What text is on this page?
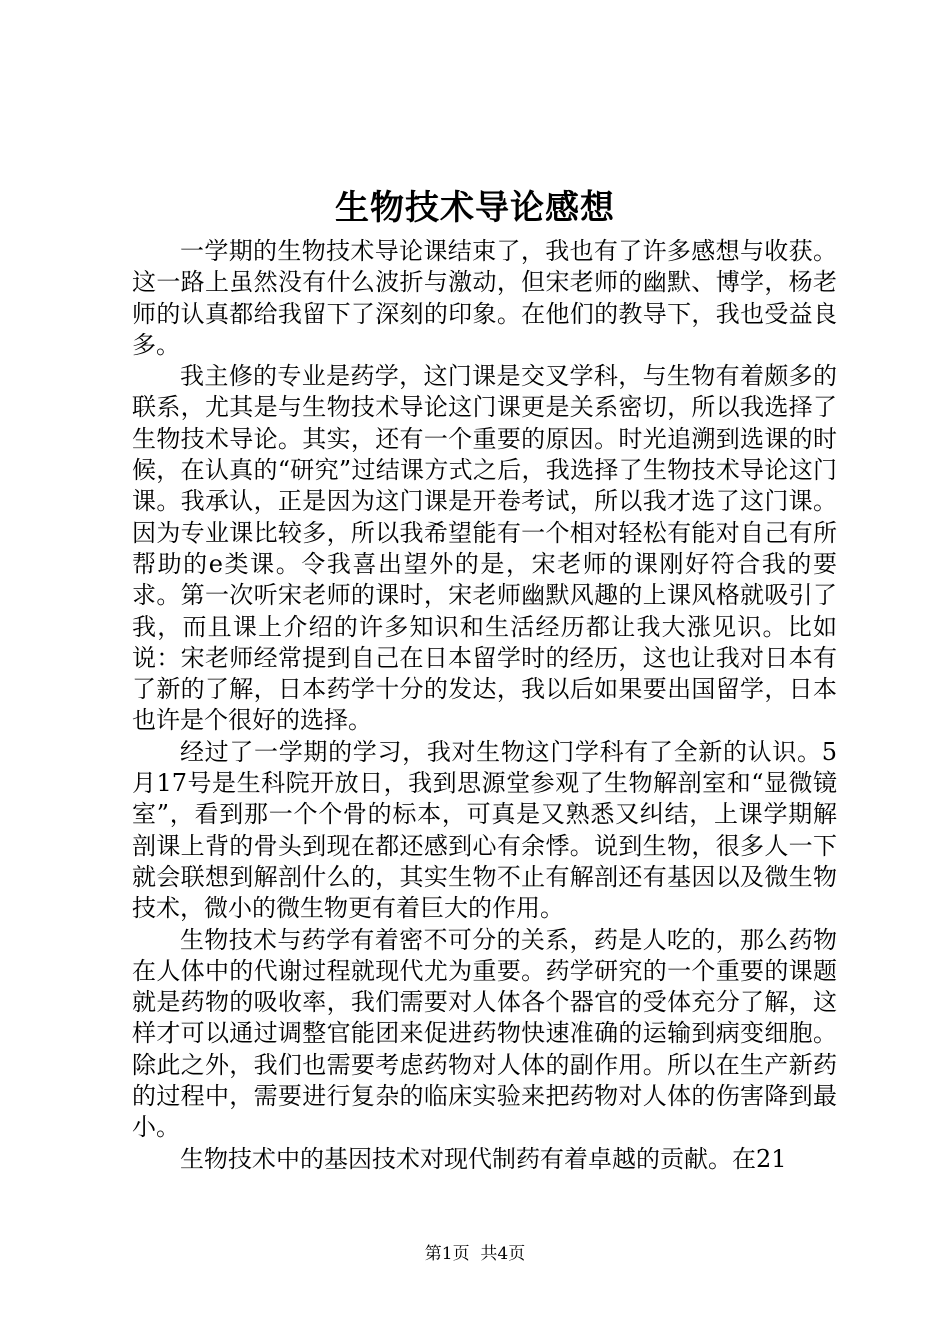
生物技术导论感想

一学期的生物技术导论课结束了，我也有了许多感想与收获。这一路上虽然没有什么波折与激动，但宋老师的幽默、博学，杨老师的认真都给我留下了深刻的印象。在他们的教导下，我也受益良多。

我主修的专业是药学，这门课是交叉学科，与生物有着颇多的联系，尤其是与生物技术导论这门课更是关系密切，所以我选择了生物技术导论。其实，还有一个重要的原因。时光追溯到选课的时候，在认真的“研究”过结课方式之后，我选择了生物技术导论这门课。我承认，正是因为这门课是开卷考试，所以我才选了这门课。因为专业课比较多，所以我希望能有一个相对轻松有能对自己有所帮助的e类课。令我喜出望外的是，宋老师的课刚好符合我的要求。第一次听宋老师的课时，宋老师幽默风趣的上课风格就吸引了我，而且课上介绍的许多知识和生活经历都让我大涨见识。比如说：宋老师经常提到自己在日本留学时的经历，这也让我对日本有了新的了解，日本药学十分的发达，我以后如果要出国留学，日本也许是个很好的选择。

经过了一学期的学习，我对生物这门学科有了全新的认识。5月17号是生科院开放日，我到思源堂参观了生物解剖室和“显微镜室”，看到那一个个骨的标本，可真是又熟悉又纠结，上课学期解剖课上背的骨头到现在都还感到心有余悸。说到生物，很多人一下就会联想到解剖什么的，其实生物不止有解剖还有基因以及微生物技术，微小的微生物更有着巨大的作用。

生物技术与药学有着密不可分的关系，药是人吃的，那么药物在人体中的代谢过程就现代尤为重要。药学研究的一个重要的课题就是药物的吸收率，我们需要对人体各个器官的受体充分了解，这样才可以通过调整官能团来促进药物快速准确的运输到病变细胞。除此之外，我们也需要考虑药物对人体的副作用。所以在生产新药的过程中，需要进行复杂的临床实验来把药物对人体的伤害降到最小。

生物技术中的基因技术对现代制药有着卓越的贡献。在21

第1页  共4页
